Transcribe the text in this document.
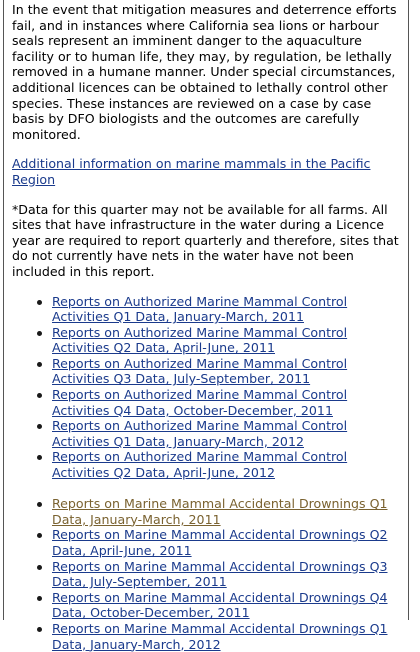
In the event that mitigation measures and deterrence efforts fail, and in instances where California sea lions or harbour seals represent an imminent danger to the aquaculture facility or to human life, they may, by regulation, be lethally removed in a humane manner. Under special circumstances, additional licences can be obtained to lethally control other species. These instances are reviewed on a case by case basis by DFO biologists and the outcomes are carefully monitored.

Additional information on marine mammals in the Pacific Region

*Data for this quarter may not be available for all farms. All sites that have infrastructure in the water during a Licence year are required to report quarterly and therefore, sites that do not currently have nets in the water have not been included in this report.

Reports on Authorized Marine Mammal Control Activities Q1 Data, January-March, 2011
Reports on Authorized Marine Mammal Control Activities Q2 Data, April-June, 2011
Reports on Authorized Marine Mammal Control Activities Q3 Data, July-September, 2011
Reports on Authorized Marine Mammal Control Activities Q4 Data, October-December, 2011
Reports on Authorized Marine Mammal Control Activities Q1 Data, January-March, 2012
Reports on Authorized Marine Mammal Control Activities Q2 Data, April-June, 2012
Reports on Marine Mammal Accidental Drownings Q1 Data, January-March, 2011
Reports on Marine Mammal Accidental Drownings Q2 Data, April-June, 2011
Reports on Marine Mammal Accidental Drownings Q3 Data, July-September, 2011
Reports on Marine Mammal Accidental Drownings Q4 Data, October-December, 2011
Reports on Marine Mammal Accidental Drownings Q1 Data, January-March, 2012
